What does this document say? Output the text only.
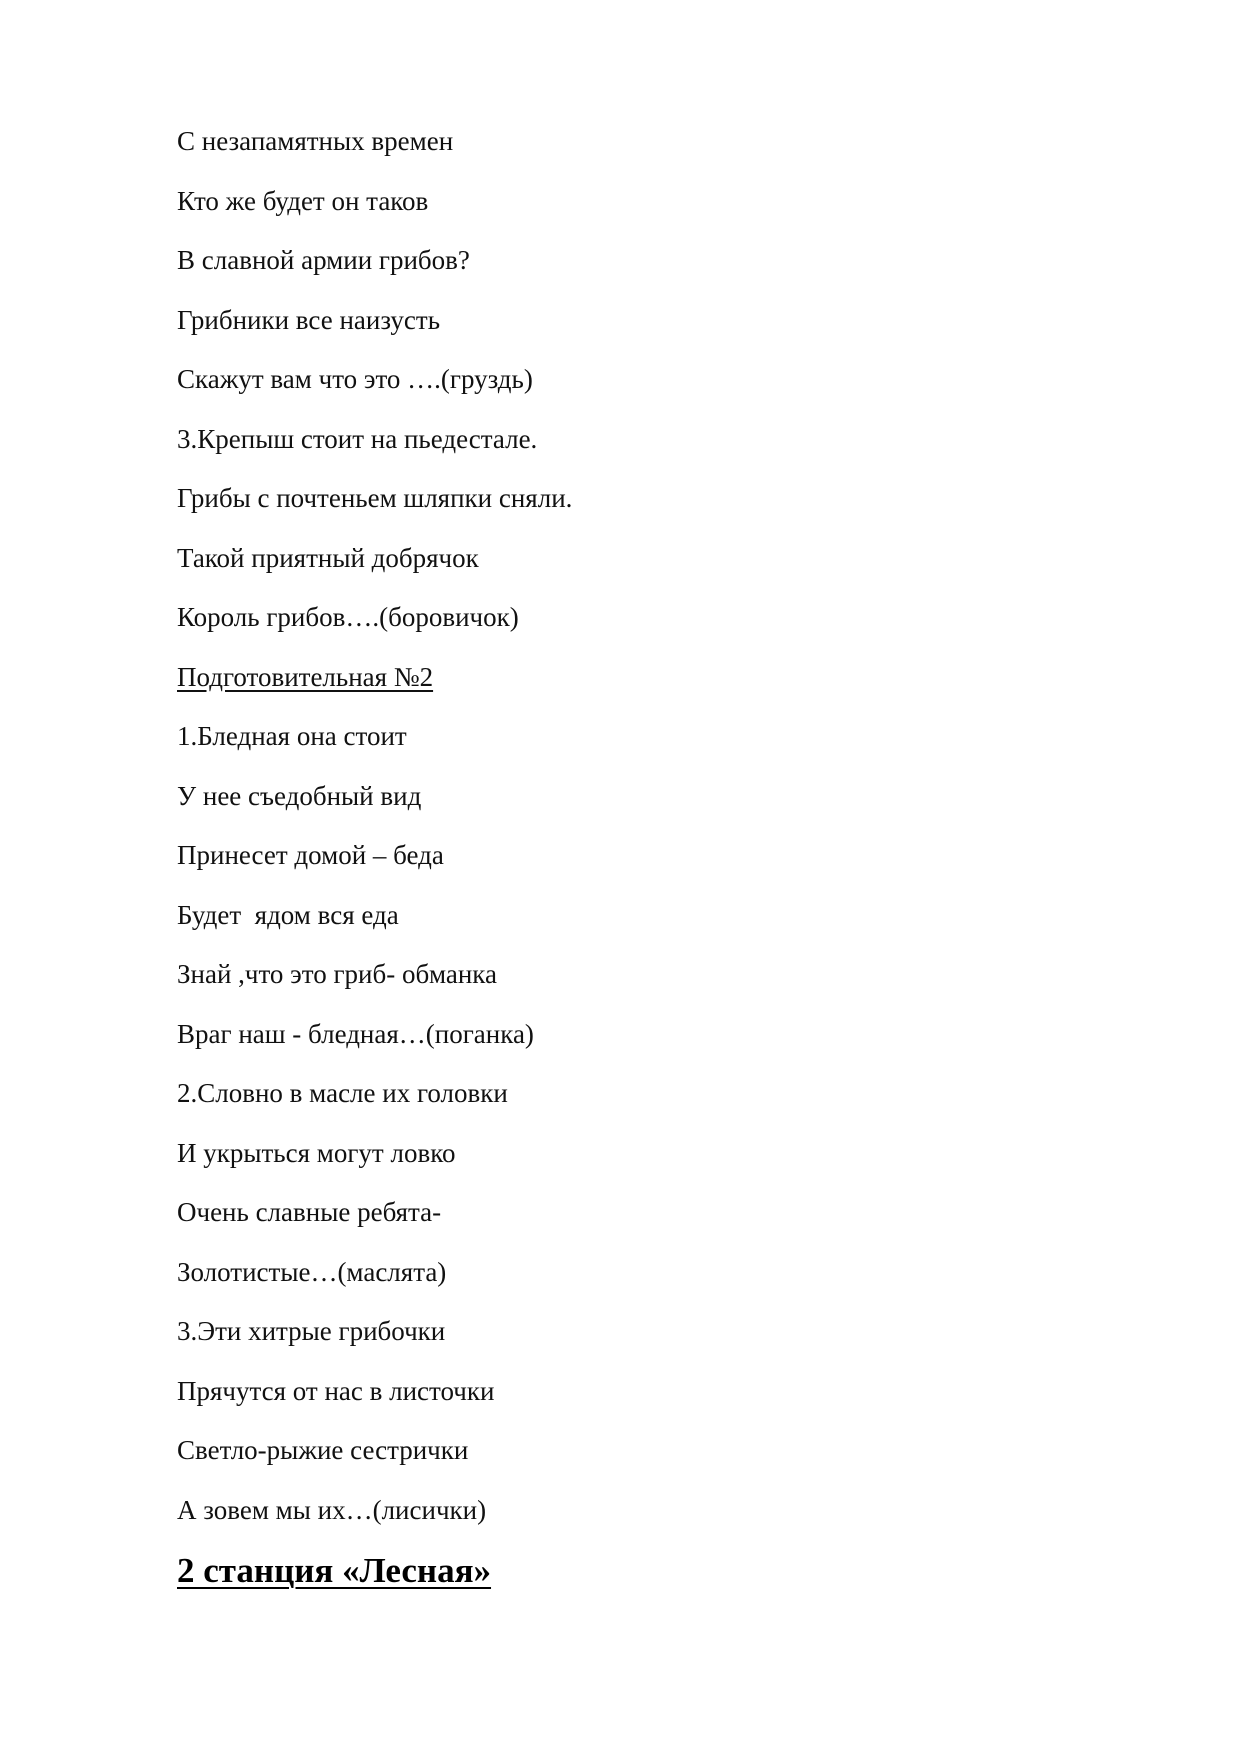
С незапамятных времен

Кто же будет он таков

В славной армии грибов?

Грибники все наизусть

Скажут вам что это ….(груздь)

3.Крепыш стоит на пьедестале.

Грибы с почтеньем шляпки сняли.

Такой приятный добрячок

Король грибов….(боровичок)

Подготовительная №2

1.Бледная она стоит

У нее съедобный вид

Принесет домой – беда

Будет  ядом вся еда

Знай ,что это гриб- обманка

Враг наш - бледная…(поганка)

2.Словно в масле их головки

И укрыться могут ловко

Очень славные ребята-

Золотистые…(маслята)

3.Эти хитрые грибочки

Прячутся от нас в листочки

Светло-рыжие сестрички

А зовем мы их…(лисички)

2 станция «Лесная»
